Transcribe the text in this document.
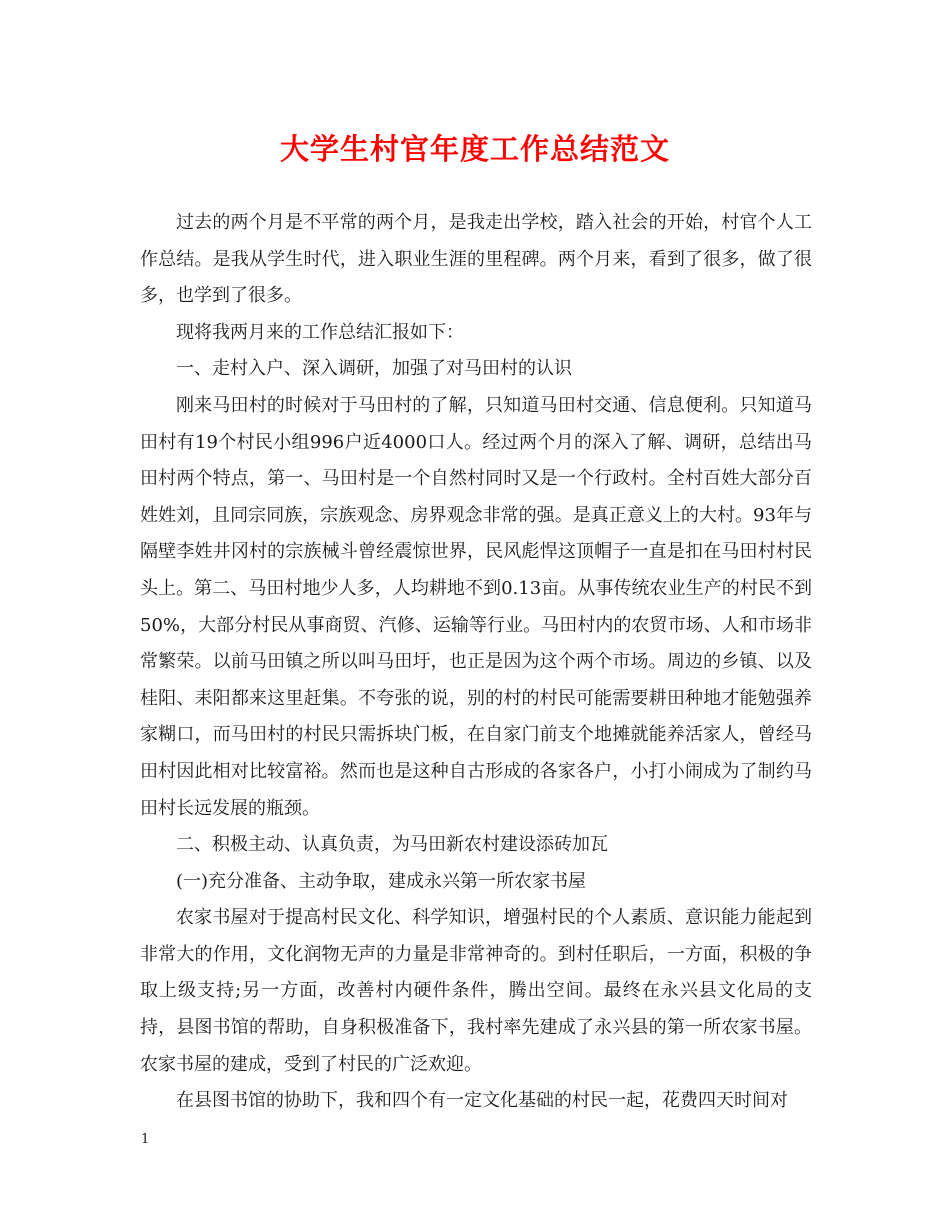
大学生村官年度工作总结范文

过去的两个月是不平常的两个月，是我走出学校，踏入社会的开始，村官个人工作总结。是我从学生时代，进入职业生涯的里程碑。两个月来，看到了很多，做了很多，也学到了很多。

现将我两月来的工作总结汇报如下：

一、走村入户、深入调研，加强了对马田村的认识

刚来马田村的时候对于马田村的了解，只知道马田村交通、信息便利。只知道马田村有19个村民小组996户近4000口人。经过两个月的深入了解、调研，总结出马田村两个特点，第一、马田村是一个自然村同时又是一个行政村。全村百姓大部分百姓姓刘，且同宗同族，宗族观念、房界观念非常的强。是真正意义上的大村。93年与隔壁李姓井冈村的宗族械斗曾经震惊世界，民风彪悍这顶帽子一直是扣在马田村村民头上。第二、马田村地少人多，人均耕地不到0.13亩。从事传统农业生产的村民不到50%，大部分村民从事商贸、汽修、运输等行业。马田村内的农贸市场、人和市场非常繁荣。以前马田镇之所以叫马田圩，也正是因为这个两个市场。周边的乡镇、以及桂阳、耒阳都来这里赶集。不夸张的说，别的村的村民可能需要耕田种地才能勉强养家糊口，而马田村的村民只需拆块门板，在自家门前支个地摊就能养活家人，曾经马田村因此相对比较富裕。然而也是这种自古形成的各家各户，小打小闹成为了制约马田村长远发展的瓶颈。

二、积极主动、认真负责，为马田新农村建设添砖加瓦

(一)充分准备、主动争取，建成永兴第一所农家书屋

农家书屋对于提高村民文化、科学知识，增强村民的个人素质、意识能力能起到非常大的作用，文化润物无声的力量是非常神奇的。到村任职后，一方面，积极的争取上级支持;另一方面，改善村内硬件条件，腾出空间。最终在永兴县文化局的支持，县图书馆的帮助，自身积极准备下，我村率先建成了永兴县的第一所农家书屋。农家书屋的建成，受到了村民的广泛欢迎。

在县图书馆的协助下，我和四个有一定文化基础的村民一起，花费四天时间对

1
